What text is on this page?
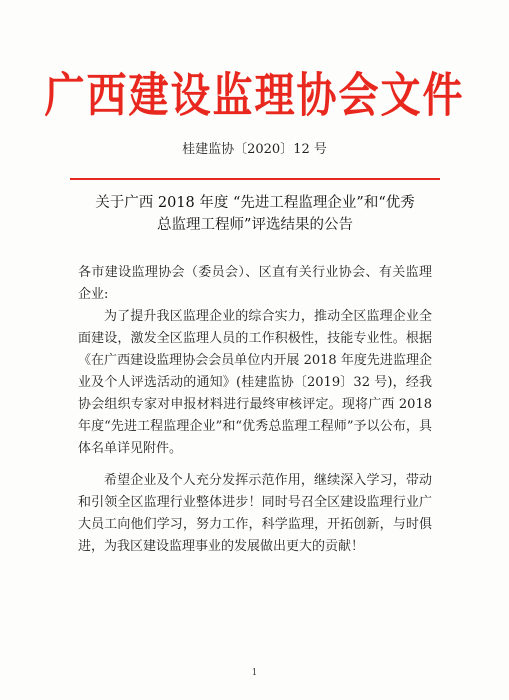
广西建设监理协会文件
桂建监协〔2020〕12 号
关于广西 2018 年度 “先进工程监理企业”和“优秀
总监理工程师”评选结果的公告

各市建设监理协会（委员会）、区直有关行业协会、有关监理企业:

为了提升我区监理企业的综合实力，推动全区监理企业全面建设，激发全区监理人员的工作积极性，技能专业性。根据《在广西建设监理协会会员单位内开展 2018 年度先进监理企业及个人评选活动的通知》(桂建监协〔2019〕32 号)，经我协会组织专家对申报材料进行最终审核评定。现将广西 2018 年度“先进工程监理企业”和“优秀总监理工程师”予以公布，具体名单详见附件。

希望企业及个人充分发挥示范作用，继续深入学习，带动和引领全区监理行业整体进步！同时号召全区建设监理行业广大员工向他们学习，努力工作，科学监理，开拓创新，与时俱进，为我区建设监理事业的发展做出更大的贡献！

1
